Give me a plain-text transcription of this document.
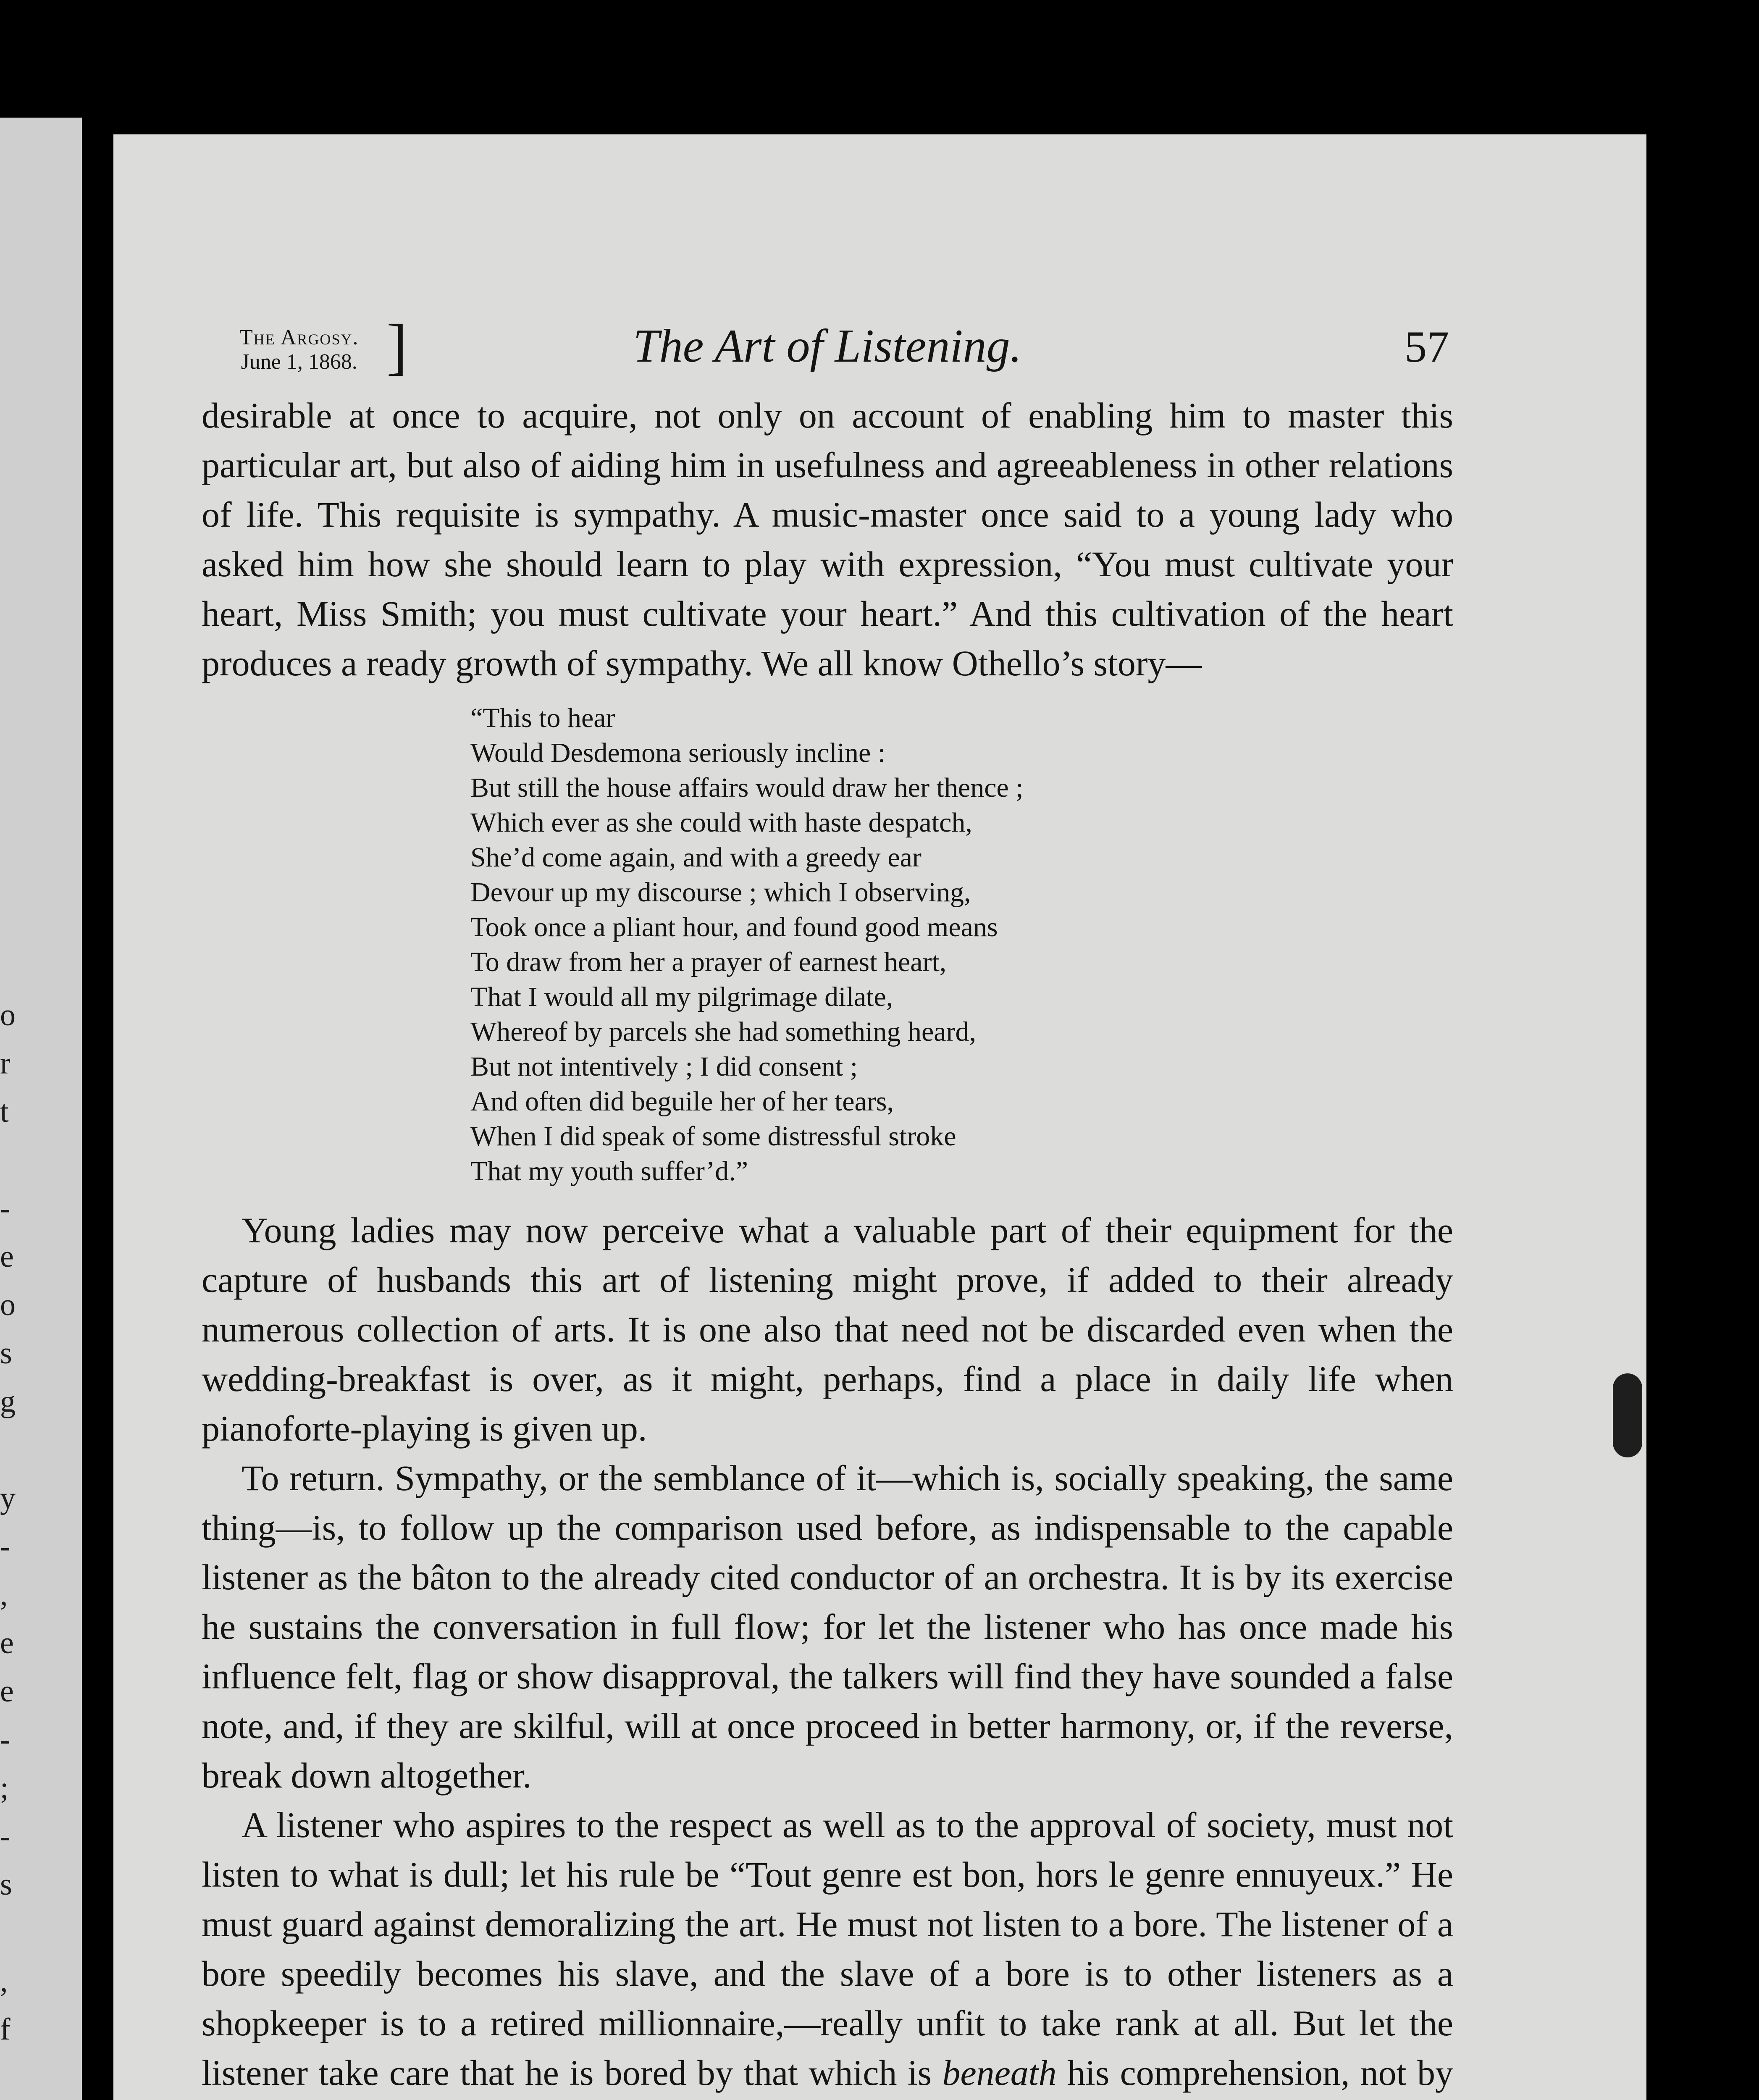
o
r
t

-
e
o
s
g

y
-
,
e
e
-
;
-
s

,
f

The Argosy.
June 1, 1868. ]	The Art of Listening.	57

desirable at once to acquire, not only on account of enabling him to master this particular art, but also of aiding him in usefulness and agreeableness in other relations of life. This requisite is sympathy. A music-master once said to a young lady who asked him how she should learn to play with expression, “You must cultivate your heart, Miss Smith; you must cultivate your heart.” And this cultivation of the heart produces a ready growth of sympathy. We all know Othello’s story—

“This to hear
Would Desdemona seriously incline :
But still the house affairs would draw her thence ;
Which ever as she could with haste despatch,
She’d come again, and with a greedy ear
Devour up my discourse ; which I observing,
Took once a pliant hour, and found good means
To draw from her a prayer of earnest heart,
That I would all my pilgrimage dilate,
Whereof by parcels she had something heard,
But not intentively ; I did consent ;
And often did beguile her of her tears,
When I did speak of some distressful stroke
That my youth suffer’d.”

Young ladies may now perceive what a valuable part of their equipment for the capture of husbands this art of listening might prove, if added to their already numerous collection of arts. It is one also that need not be discarded even when the wedding-breakfast is over, as it might, perhaps, find a place in daily life when pianoforte-playing is given up.

To return. Sympathy, or the semblance of it—which is, socially speaking, the same thing—is, to follow up the comparison used before, as indispensable to the capable listener as the bâton to the already cited conductor of an orchestra. It is by its exercise he sustains the conversation in full flow; for let the listener who has once made his influence felt, flag or show disapproval, the talkers will find they have sounded a false note, and, if they are skilful, will at once proceed in better harmony, or, if the reverse, break down altogether.

A listener who aspires to the respect as well as to the approval of society, must not listen to what is dull; let his rule be “Tout genre est bon, hors le genre ennuyeux.” He must guard against demoralizing the art. He must not listen to a bore. The listener of a bore speedily becomes his slave, and the slave of a bore is to other listeners as a shopkeeper is to a retired millionnaire,—really unfit to take rank at all. But let the listener take care that he is bored by that which is beneath his comprehension, not by
